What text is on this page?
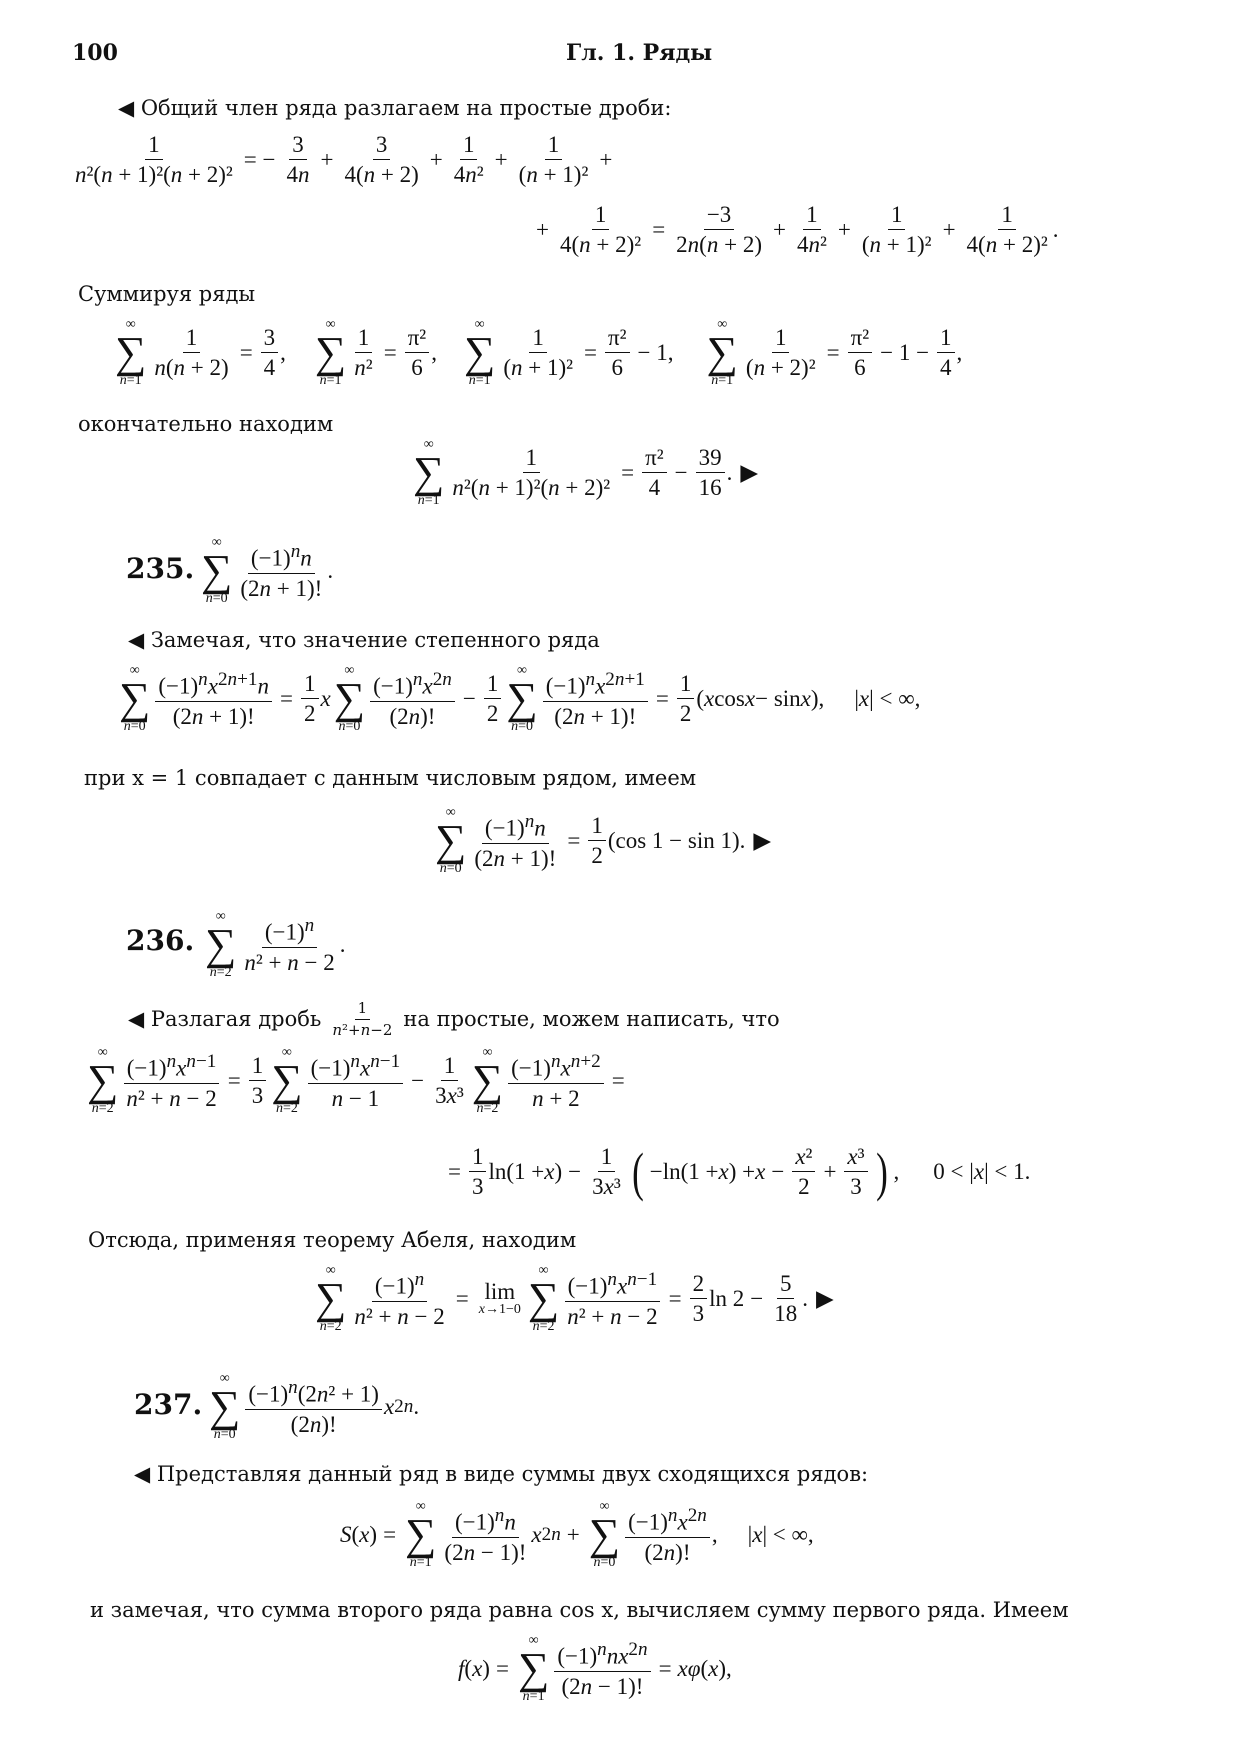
100	Гл. 1. Ряды
◀ Общий член ряда разлагаем на простые дроби:
$\frac{1}{\text{n²(n + 1)²(n + 2)²}}$ = − $\frac{3}{4n} + \frac{3}{4(n + 2)} + \frac{1}{\text{4n²}} + \frac{1}{\text{(n + 1)²}}$ +
+ $\frac{1}{\text{4(n + 2)²}} = \frac{-3}{2n(n + 2)} + \frac{1}{\text{4n²}} + \frac{1}{\text{(n + 1)²}} + \frac{1}{\text{4(n + 2)²}}$ .
Суммируя ряды
∞
∑
$n=1 \frac{1}{n(n + 2)} = \frac{3}{4}$ ,
∞
∑
$n=1 \frac{1}{\text{n²}} = \frac{\text{π²}}{6}$ ,
∞
∑
$n=1 \frac{1}{\text{(n + 1)²}} = \frac{\text{π²}}{6} - 1$,
∞
∑
$n=1 \frac{1}{\text{(n + 2)²}} = \frac{\text{π²}}{6} - 1 - \frac{1}{4}$ ,
окончательно находим
∞
∑
$n=1 \frac{1}{\text{n²(n + 1)²(n + 2)²}} = \frac{\text{π²}}{4} - \frac{39}{16}$ . ▶
235.
∞
∑
n=0
$(-1)^nn$
(2n + 1)!
.
◀ Замечая, что значение степенного ряда
∞
∑
$n=0 \frac{(-1)^nx^{2n+1}n}{(2n + 1)!} = \frac{1}{2}$ x
∞
∑
n=0
$(-1)^nx^{2n}$
(2n)!
− $\frac{1}{2}$
∞
∑
$n=0 \frac{(-1)^nx^{2n+1}}{(2n + 1)!} = \frac{1}{2}$ ( x cos x − sin x ),
| x | < ∞,
при x = 1 совпадает с данным числовым рядом, имеем
∞
∑
$n=0 \frac{(-1)^nn}{(2n + 1)!} = \frac{1}{2} (\cos$ 1 − sin 1). ▶
236.
∞
∑
n=2
$(-1)^n$
n² + n − 2
.
◀ Разлагая дробь 1
n²+n−2 на простые, можем написать, что
∞
∑
n=2
$(-1)^nx^{n-1}$
n² + n − 2
= $\frac{1}{3}$
∞
∑
n=2
$(-1)^nx^{n-1}$
n − 1
− $\frac{1}{\text{3x³}}$
∞
∑
n=2
$(-1)^nx^{n+2}$
n + 2
=
= $\frac{1}{3} \ln(1 + x$ ) − $\frac{1}{\text{3x³}}$ ( −ln(1 + x ) + $x - \frac{\text{x²}}{2} + \frac{\text{x³}}{3}$ ) ,
0 < | x | < 1.
Отсюда, применяя теорему Абеля, находим
∞
∑
$n=2 \frac{(-1)^n}{\text{n² + n − 2}} = \lim$
x→1−0
∞
∑
n=2
$(-1)^nx^{n-1}$
n² + n − 2
= $\frac{2}{3}$ $\ln 2 - \frac{5}{18}$ . ▶
237.
∞
∑
n=0
$(-1)^n(2n^2 + 1)$
(2n)!
x 2n .
◀ Представляя данный ряд в виде суммы двух сходящихся рядов:
S ( x ) =
∞
∑
n=1
$(-1)^nn$
(2n − 1)!
x 2n +
∞
∑
n=0
$(-1)^nx^{2n}$
(2n)!
,
| x | < ∞,
и замечая, что сумма второго ряда равна cos x, вычисляем сумму первого ряда. Имеем
f ( x ) =
∞
∑
n=1
$(-1)^nnx^{2n}$
(2n − 1)!
= xφ ( x ),
